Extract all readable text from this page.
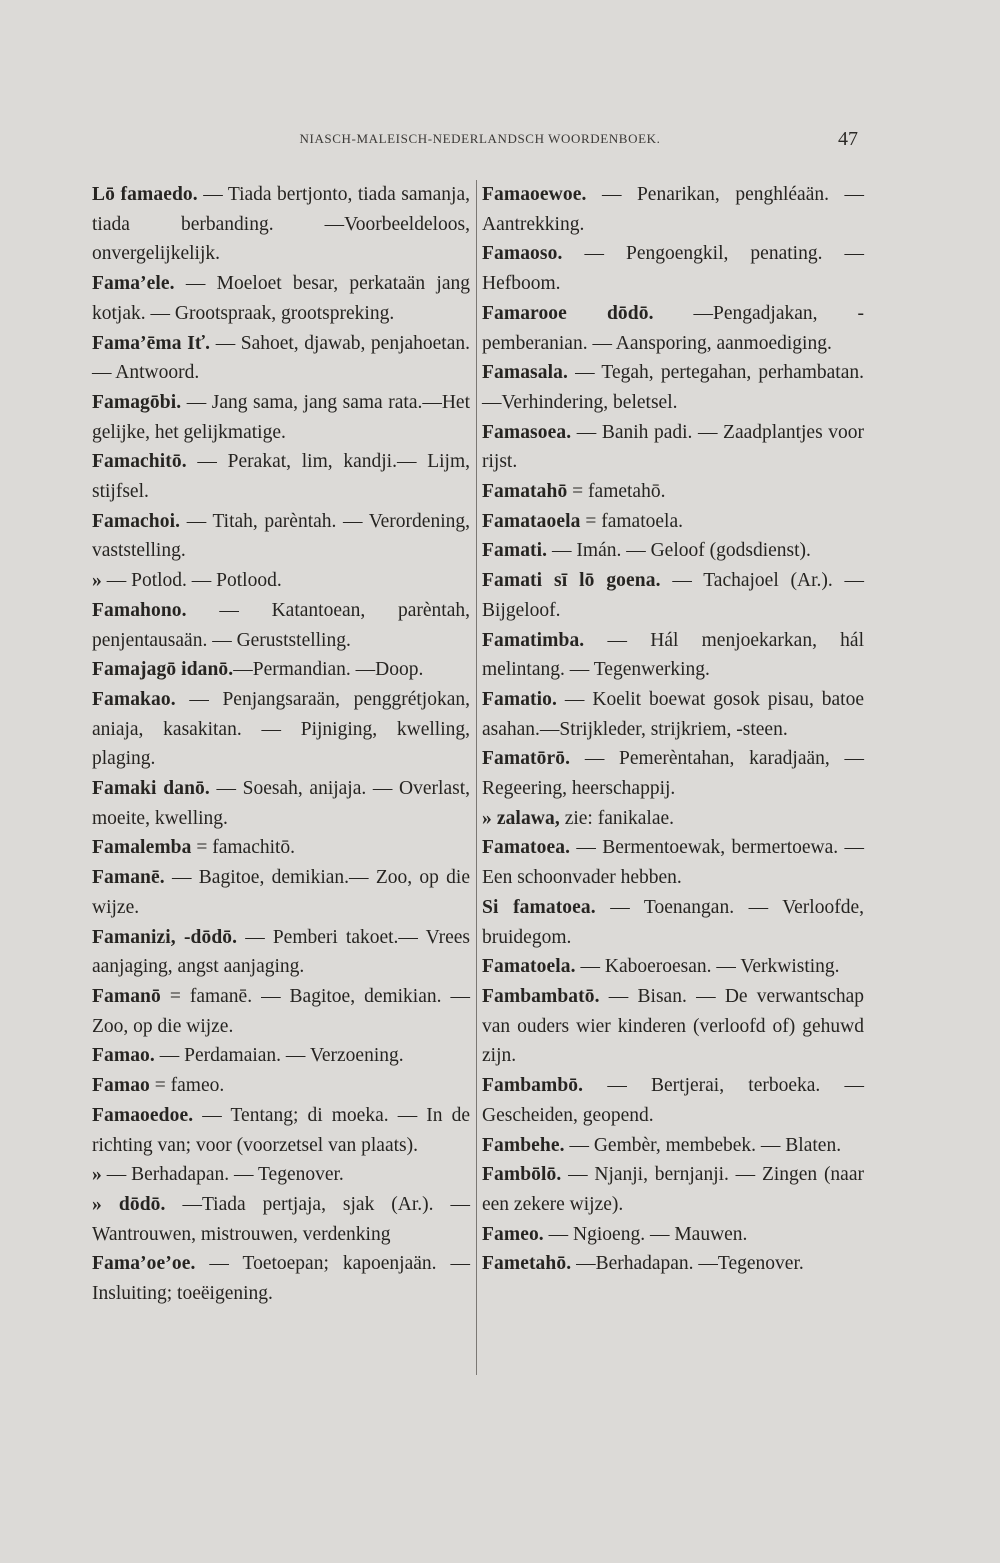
NIASCH-MALEISCH-NEDERLANDSCH WOORDENBOEK.	47
Lō famaedo. — Tiada bertjonto, tiada samanja, tiada berbanding. —Voorbeeldeloos, onvergelijkelijk.
Fama’ele. — Moeloet besar, perkataän jang kotjak. — Grootspraak, grootspreking.
Fama’ēma Iť. — Sahoet, djawab, penjahoetan. — Antwoord.
Famagōbi. — Jang sama, jang sama rata.—Het gelijke, het gelijkmatige.
Famachitō. — Perakat, lim, kandji.— Lijm, stijfsel.
Famachoi. — Titah, parèntah. — Verordening, vaststelling.
» — Potlod. — Potlood.
Famahono. — Katantoean, parèntah, penjentausaän. — Geruststelling.
Famajagō idanō.—Permandian. —Doop.
Famakao. — Penjangsaraän, penggrétjokan, aniaja, kasakitan. — Pijniging, kwelling, plaging.
Famaki danō. — Soesah, anijaja. — Overlast, moeite, kwelling.
Famalemba = famachitō.
Famanē. — Bagitoe, demikian.— Zoo, op die wijze.
Famanizi, -dōdō. — Pemberi takoet.— Vrees aanjaging, angst aanjaging.
Famanō = famanē. — Bagitoe, demikian. — Zoo, op die wijze.
Famao. — Perdamaian. — Verzoening.
Famao = fameo.
Famaoedoe. — Tentang; di moeka. — In de richting van; voor (voorzetsel van plaats).
» — Berhadapan. — Tegenover.
» dōdō. —Tiada pertjaja, sjak (Ar.). — Wantrouwen, mistrouwen, verdenking
Fama’oe’oe. — Toetoepan; kapoenjaän. — Insluiting; toeëigening.
Famaoewoe. — Penarikan, penghléaän. — Aantrekking.
Famaoso. — Pengoengkil, penating. — Hefboom.
Famarooe dōdō. —Pengadjakan, -pemberanian. — Aansporing, aanmoediging.
Famasala. — Tegah, pertegahan, perhambatan.—Verhindering, beletsel.
Famasoea. — Banih padi. — Zaadplantjes voor rijst.
Famatahō = fametahō.
Famataoela = famatoela.
Famati. — Imán. — Geloof (godsdienst).
Famati sī lō goena. — Tachajoel (Ar.). — Bijgeloof.
Famatimba. — Hál menjoekarkan, hál melintang. — Tegenwerking.
Famatio. — Koelit boewat gosok pisau, batoe asahan.—Strijkleder, strijkriem, -steen.
Famatōrō. — Pemerèntahan, karadjaän, — Regeering, heerschappij.
» zalawa, zie: fanikalae.
Famatoea. — Bermentoewak, bermertoewa. — Een schoonvader hebben.
Si famatoea. — Toenangan. — Verloofde, bruidegom.
Famatoela. — Kaboeroesan. — Verkwisting.
Fambambatō. — Bisan. — De verwantschap van ouders wier kinderen (verloofd of) gehuwd zijn.
Fambambō. — Bertjerai, terboeka. — Gescheiden, geopend.
Fambehe. — Gembèr, membebek. — Blaten.
Fambōlō. — Njanji, bernjanji. — Zingen (naar een zekere wijze).
Fameo. — Ngioeng. — Mauwen.
Fametahō. —Berhadapan. —Tegenover.
